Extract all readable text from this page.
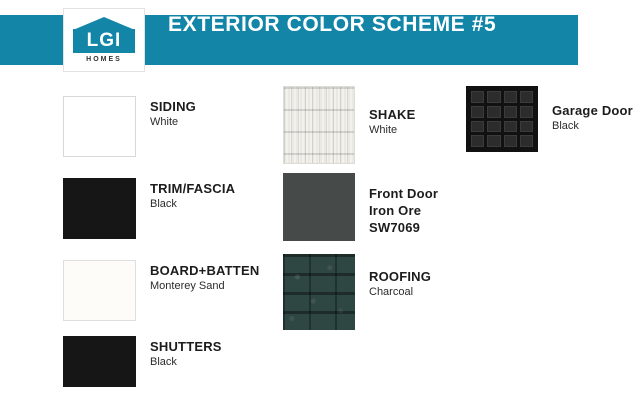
LGI
HOMES
EXTERIOR COLOR SCHEME #5
SIDING
White
TRIM/FASCIA
Black
BOARD+BATTEN
Monterey Sand
SHUTTERS
Black
SHAKE
White
Front Door
Iron Ore
SW7069
ROOFING
Charcoal
Garage Door
Black
